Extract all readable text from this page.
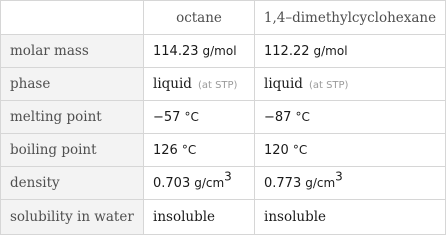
	octane	1,4–dimethylcyclohexane
molar mass	114.23 g/mol	112.22 g/mol
phase	liquid (at STP)	liquid (at STP)
melting point	−57 °C	−87 °C
boiling point	126 °C	120 °C
density	0.703 $g/cm^3$	0.773 $g/cm^3$
solubility in water	insoluble	insoluble
